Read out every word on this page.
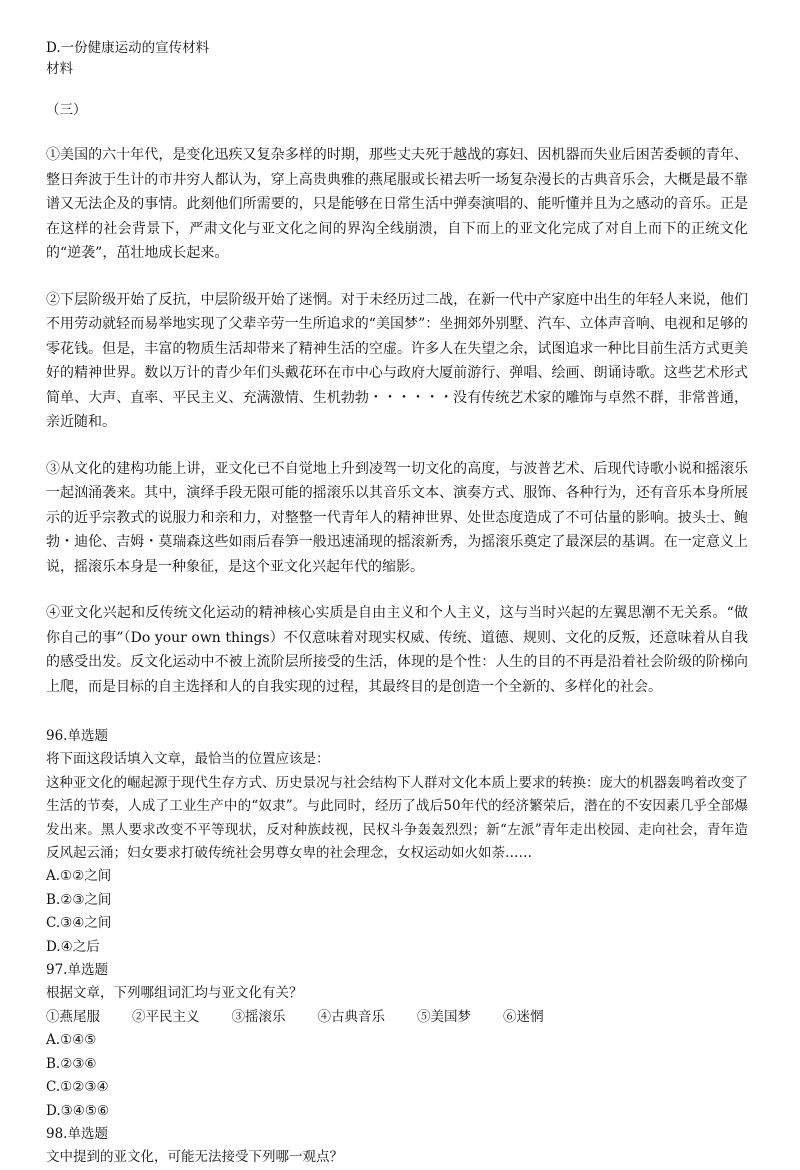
D.一份健康运动的宣传材料
材料
（三）

①美国的六十年代，是变化迅疾又复杂多样的时期，那些丈夫死于越战的寡妇、因机器而失业后困苦委顿的青年、整日奔波于生计的市井穷人都认为，穿上高贵典雅的燕尾服或长裙去听一场复杂漫长的古典音乐会，大概是最不靠谱又无法企及的事情。此刻他们所需要的，只是能够在日常生活中弹奏演唱的、能听懂并且为之感动的音乐。正是在这样的社会背景下，严肃文化与亚文化之间的界沟全线崩溃，自下而上的亚文化完成了对自上而下的正统文化的“逆袭”，茁壮地成长起来。

②下层阶级开始了反抗，中层阶级开始了迷惘。对于未经历过二战，在新一代中产家庭中出生的年轻人来说，他们不用劳动就轻而易举地实现了父辈辛劳一生所追求的“美国梦”：坐拥郊外别墅、汽车、立体声音响、电视和足够的零花钱。但是，丰富的物质生活却带来了精神生活的空虚。许多人在失望之余，试图追求一种比目前生活方式更美好的精神世界。数以万计的青少年们头戴花环在市中心与政府大厦前游行、弹唱、绘画、朗诵诗歌。这些艺术形式简单、大声、直率、平民主义、充满激情、生机勃勃・・・・・・没有传统艺术家的雕饰与卓然不群，非常普通，亲近随和。

③从文化的建构功能上讲，亚文化已不自觉地上升到凌驾一切文化的高度，与波普艺术、后现代诗歌小说和摇滚乐一起汹涌袭来。其中，演绎手段无限可能的摇滚乐以其音乐文本、演奏方式、服饰、各种行为，还有音乐本身所展示的近乎宗教式的说服力和亲和力，对整整一代青年人的精神世界、处世态度造成了不可估量的影响。披头士、鲍勃・迪伦、吉姆・莫瑞森这些如雨后春笋一般迅速涌现的摇滚新秀，为摇滚乐奠定了最深层的基调。在一定意义上说，摇滚乐本身是一种象征，是这个亚文化兴起年代的缩影。

④亚文化兴起和反传统文化运动的精神核心实质是自由主义和个人主义，这与当时兴起的左翼思潮不无关系。“做你自己的事”（Do your own things）不仅意味着对现实权威、传统、道德、规则、文化的反叛，还意味着从自我的感受出发。反文化运动中不被上流阶层所接受的生活，体现的是个性：人生的目的不再是沿着社会阶级的阶梯向上爬，而是目标的自主选择和人的自我实现的过程，其最终目的是创造一个全新的、多样化的社会。

96.单选题
将下面这段话填入文章，最恰当的位置应该是：

这种亚文化的崛起源于现代生存方式、历史景况与社会结构下人群对文化本质上要求的转换：庞大的机器轰鸣着改变了生活的节奏，人成了工业生产中的“奴隶”。与此同时，经历了战后50年代的经济繁荣后，潜在的不安因素几乎全部爆发出来。黑人要求改变不平等现状，反对种族歧视，民权斗争轰轰烈烈；新“左派”青年走出校园、走向社会，青年造反风起云涌；妇女要求打破传统社会男尊女卑的社会理念，女权运动如火如荼……

A.①②之间
B.②③之间
C.③④之间
D.④之后
97.单选题
根据文章，下列哪组词汇均与亚文化有关？
①燕尾服 ②平民主义 ③摇滚乐 ④古典音乐 ⑤美国梦 ⑥迷惘
A.①④⑤
B.②③⑥
C.①②③④
D.③④⑤⑥
98.单选题
文中提到的亚文化，可能无法接受下列哪一观点？
